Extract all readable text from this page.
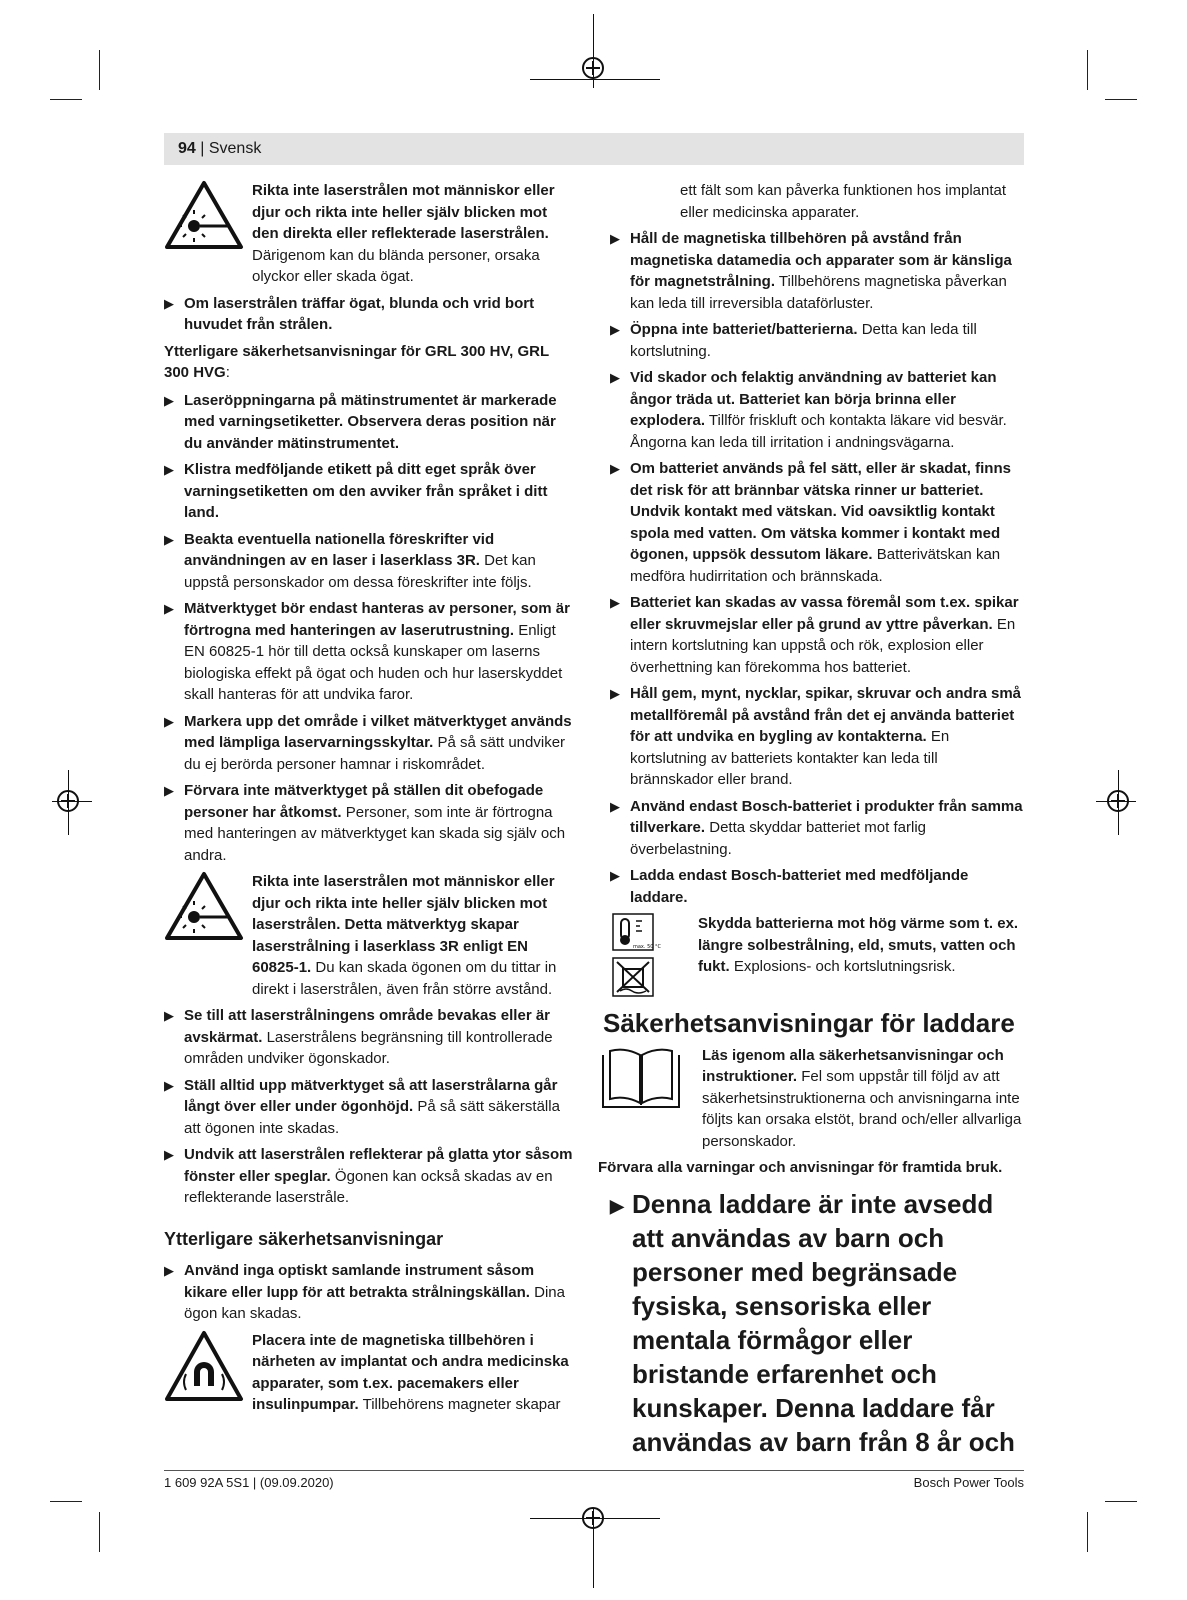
94 | Svensk

Rikta inte laserstrålen mot människor eller djur och rikta inte heller själv blicken mot den direkta eller reflekterade laserstrålen. Därigenom kan du blända personer, orsaka olyckor eller skada ögat.

▶ Om laserstrålen träffar ögat, blunda och vrid bort huvudet från strålen.

Ytterligare säkerhetsanvisningar för GRL 300 HV, GRL 300 HVG:

▶ Laseröppningarna på mätinstrumentet är markerade med varningsetiketter. Observera deras position när du använder mätinstrumentet.
▶ Klistra medföljande etikett på ditt eget språk över varningsetiketten om den avviker från språket i ditt land.
▶ Beakta eventuella nationella föreskrifter vid användningen av en laser i laserklass 3R. Det kan uppstå personskador om dessa föreskrifter inte följs.
▶ Mätverktyget bör endast hanteras av personer, som är förtrogna med hanteringen av laserutrustning. Enligt EN 60825-1 hör till detta också kunskaper om laserns biologiska effekt på ögat och huden och hur laserskyddet skall hanteras för att undvika faror.
▶ Markera upp det område i vilket mätverktyget används med lämpliga laservarningsskyltar. På så sätt undviker du ej berörda personer hamnar i riskområdet.
▶ Förvara inte mätverktyget på ställen dit obefogade personer har åtkomst. Personer, som inte är förtrogna med hanteringen av mätverktyget kan skada sig själv och andra.

Rikta inte laserstrålen mot människor eller djur och rikta inte heller själv blicken mot laserstrålen. Detta mätverktyg skapar laserstrålning i laserklass 3R enligt EN 60825-1. Du kan skada ögonen om du tittar in direkt i laserstrålen, även från större avstånd.

▶ Se till att laserstrålningens område bevakas eller är avskärmat. Laserstrålens begränsning till kontrollerade områden undviker ögonskador.
▶ Ställ alltid upp mätverktyget så att laserstrålarna går långt över eller under ögonhöjd. På så sätt säkerställa att ögonen inte skadas.
▶ Undvik att laserstrålen reflekterar på glatta ytor såsom fönster eller speglar. Ögonen kan också skadas av en reflekterande laserstråle.
Ytterligare säkerhetsanvisningar
▶ Använd inga optiskt samlande instrument såsom kikare eller lupp för att betrakta strålningskällan. Dina ögon kan skadas.

Placera inte de magnetiska tillbehören i närheten av implantat och andra medicinska apparater, som t.ex. pacemakers eller insulinpumpar. Tillbehörens magneter skapar

ett fält som kan påverka funktionen hos implantat eller medicinska apparater.

▶ Håll de magnetiska tillbehören på avstånd från magnetiska datamedia och apparater som är känsliga för magnetstrålning. Tillbehörens magnetiska påverkan kan leda till irreversibla dataförluster.
▶ Öppna inte batteriet/batterierna. Detta kan leda till kortslutning.
▶ Vid skador och felaktig användning av batteriet kan ångor träda ut. Batteriet kan börja brinna eller explodera. Tillför friskluft och kontakta läkare vid besvär. Ångorna kan leda till irritation i andningsvägarna.
▶ Om batteriet används på fel sätt, eller är skadat, finns det risk för att brännbar vätska rinner ur batteriet. Undvik kontakt med vätskan. Vid oavsiktlig kontakt spola med vatten. Om vätska kommer i kontakt med ögonen, uppsök dessutom läkare. Batterivätskan kan medföra hudirritation och brännskada.
▶ Batteriet kan skadas av vassa föremål som t.ex. spikar eller skruvmejslar eller på grund av yttre påverkan. En intern kortslutning kan uppstå och rök, explosion eller överhettning kan förekomma hos batteriet.
▶ Håll gem, mynt, nycklar, spikar, skruvar och andra små metallföremål på avstånd från det ej använda batteriet för att undvika en bygling av kontakterna. En kortslutning av batteriets kontakter kan leda till brännskador eller brand.
▶ Använd endast Bosch-batteriet i produkter från samma tillverkare. Detta skyddar batteriet mot farlig överbelastning.
▶ Ladda endast Bosch-batteriet med medföljande laddare.
max. 50 °C

Skydda batterierna mot hög värme som t. ex. längre solbestrålning, eld, smuts, vatten och fukt. Explosions- och kortslutningsrisk.

Säkerhetsanvisningar för laddare

Läs igenom alla säkerhetsanvisningar och instruktioner. Fel som uppstår till följd av att säkerhetsinstruktionerna och anvisningarna inte följts kan orsaka elstöt, brand och/eller allvarliga personskador.

Förvara alla varningar och anvisningar för framtida bruk.

▶ Denna laddare är inte avsedd att användas av barn och personer med begränsade fysiska, sensoriska eller mentala förmågor eller bristande erfarenhet och kunskaper. Denna laddare får användas av barn från 8 år och
1 609 92A 5S1 | (09.09.2020)	Bosch Power Tools
